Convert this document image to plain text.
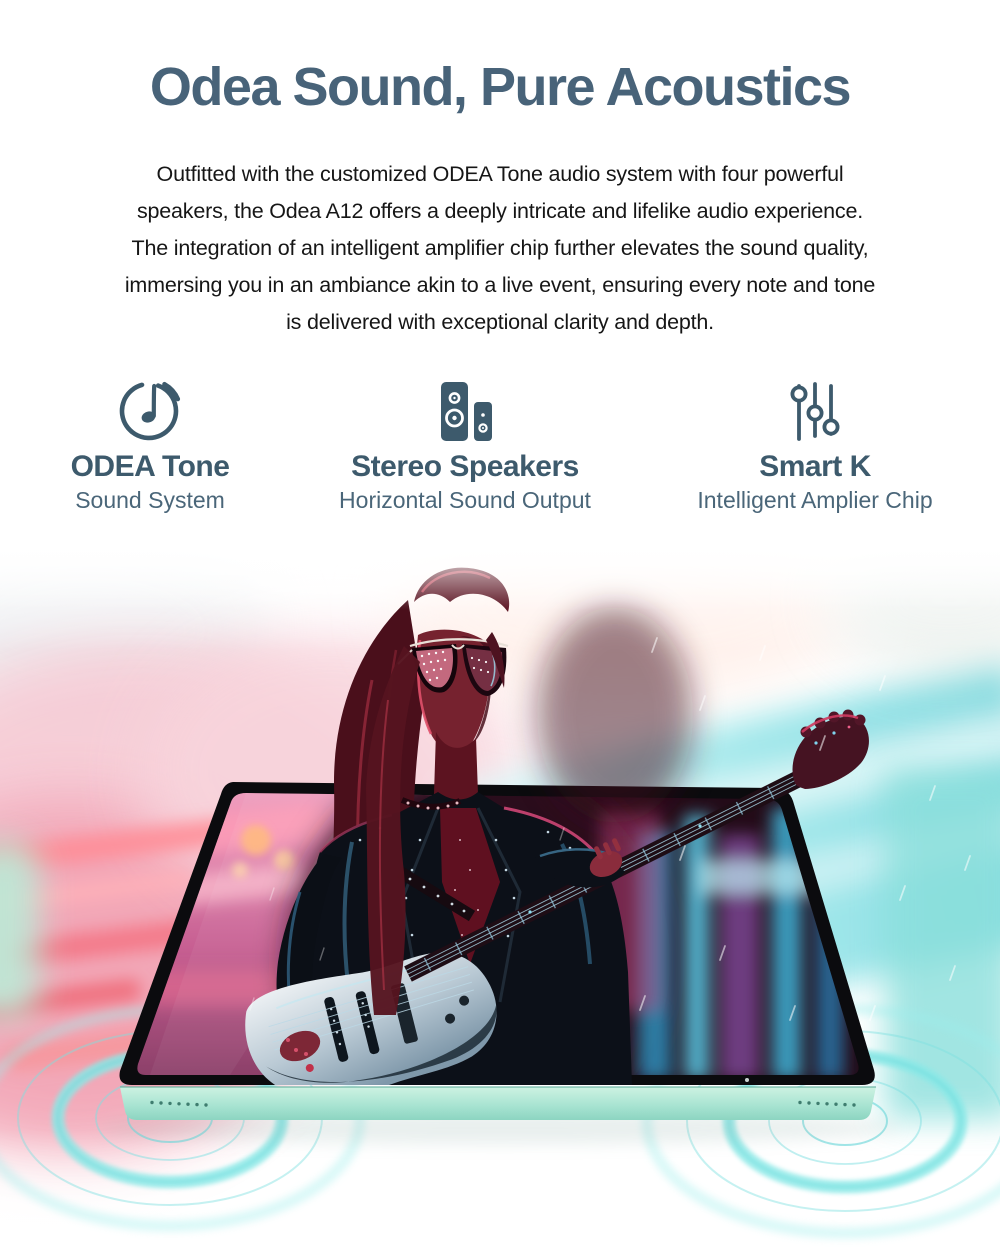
Odea Sound, Pure Acoustics
Outfitted with the customized ODEA Tone audio system with four powerful
speakers, the Odea A12 offers a deeply intricate and lifelike audio experience.
The integration of an intelligent amplifier chip further elevates the sound quality,
immersing you in an ambiance akin to a live event, ensuring every note and tone
is delivered with exceptional clarity and depth.
ODEA Tone
Sound System
Stereo Speakers
Horizontal Sound Output
Smart K
Intelligent Amplier Chip
